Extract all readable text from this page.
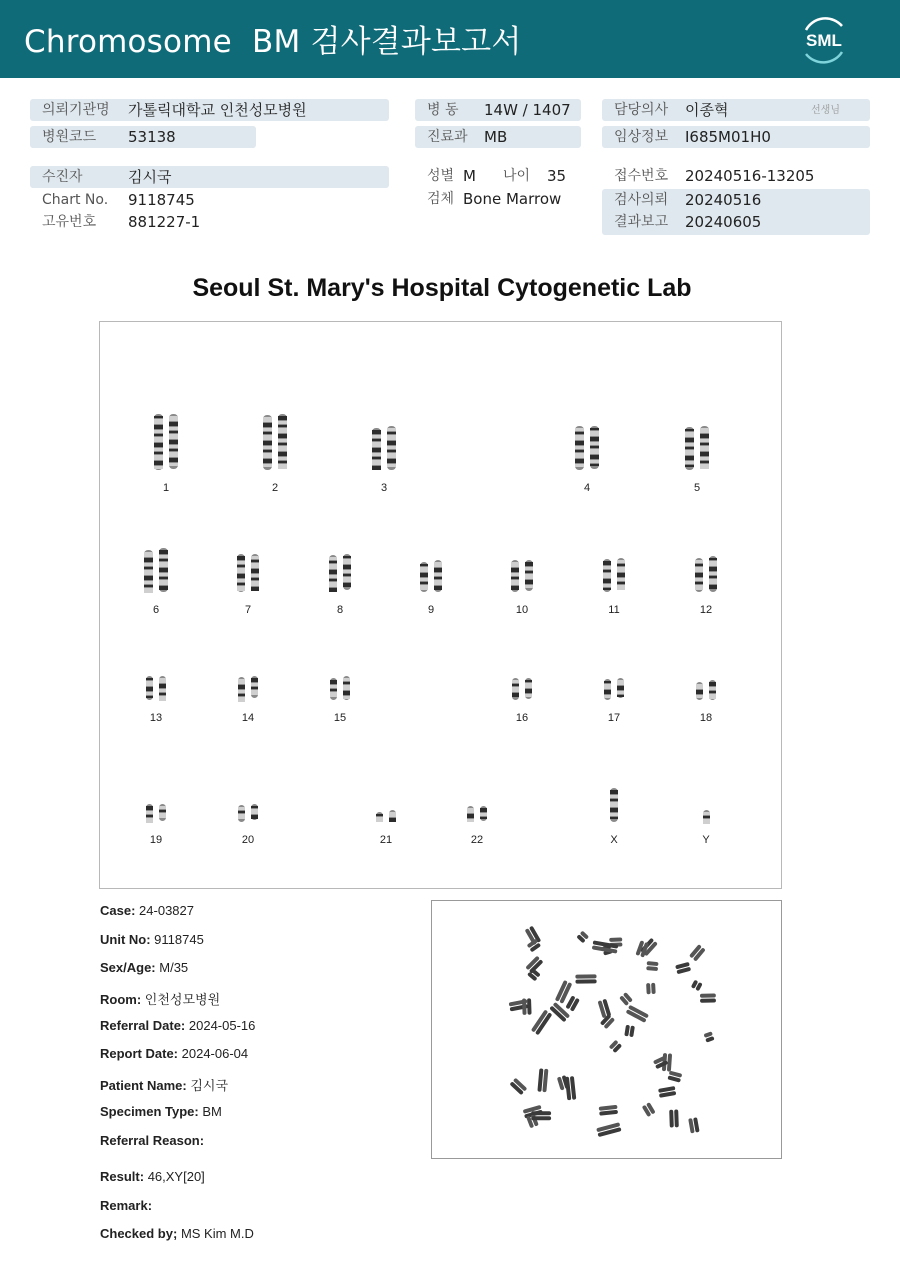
Chromosome  BM 검사결과보고서	SML
의뢰기관명 가톨릭대학교 인천성모병원
병원코드 53138
수진자	김시국
Chart No. 9118745
고유번호 881227-1
병 동 14W / 1407
진료과 MB
성별 M 나이 35
검체 Bone Marrow
담당의사 이종혁	선생님
임상정보 I685M01H0
접수번호 20240516-13205
검사의뢰 20240516
결과보고 20240605
Seoul St. Mary's Hospital Cytogenetic Lab
1	2	3	4	5
6	7	8	9	10	11	12
13	14	15	16	17	18
19	20	21	22	X	Y
Case: 24-03827
Unit No: 9118745
Sex/Age: M/35
Room: 인천성모병원
Referral Date: 2024-05-16
Report Date: 2024-06-04
Patient Name: 김시국
Specimen Type: BM
Referral Reason:
Result: 46,XY[20]
Remark:
Checked by; MS Kim M.D
